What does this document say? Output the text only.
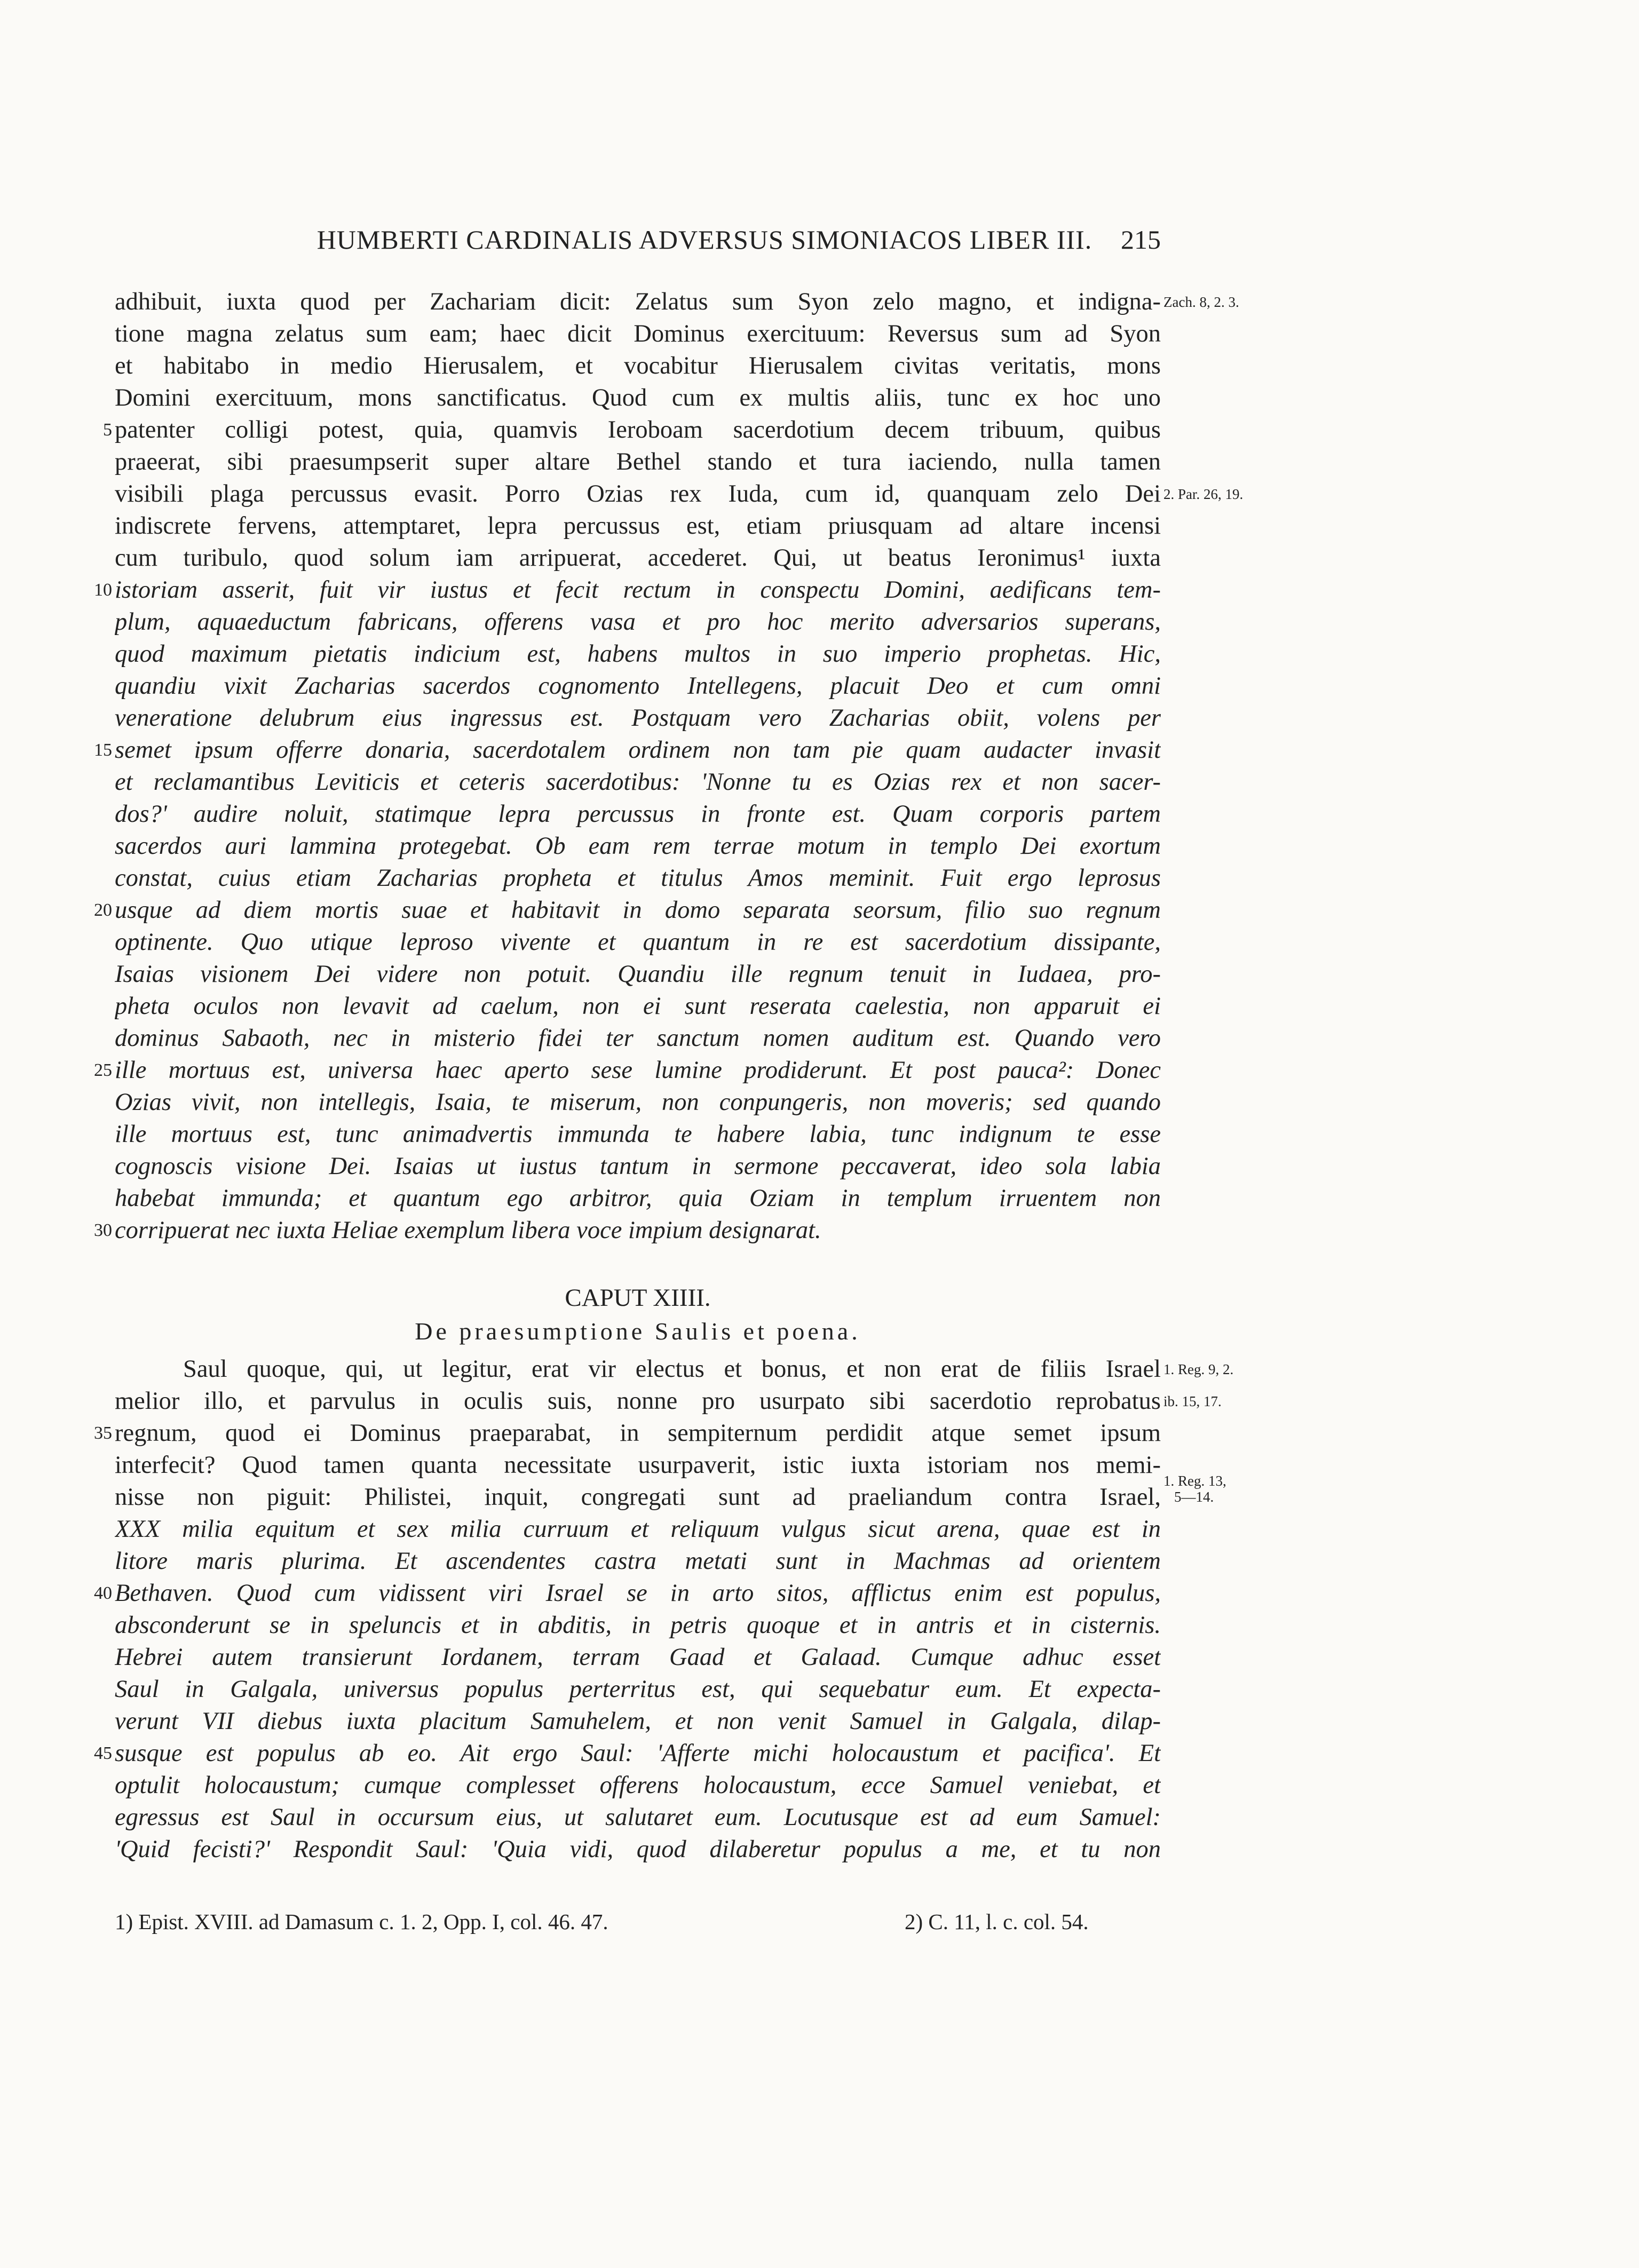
HUMBERTI CARDINALIS ADVERSUS SIMONIACOS LIBER III.	215
adhibuit, iuxta quod per Zachariam dicit: Zelatus sum Syon zelo magno, et indigna-
tione magna zelatus sum eam; haec dicit Dominus exercituum: Reversus sum ad Syon
et habitabo in medio Hierusalem, et vocabitur Hierusalem civitas veritatis, mons
Domini exercituum, mons sanctificatus. Quod cum ex multis aliis, tunc ex hoc uno
patenter colligi potest, quia, quamvis Ieroboam sacerdotium decem tribuum, quibus
praeerat, sibi praesumpserit super altare Bethel stando et tura iaciendo, nulla tamen
visibili plaga percussus evasit. Porro Ozias rex Iuda, cum id, quanquam zelo Dei
indiscrete fervens, attemptaret, lepra percussus est, etiam priusquam ad altare incensi
cum turibulo, quod solum iam arripuerat, accederet. Qui, ut beatus Ieronimus¹ iuxta
istoriam asserit, fuit vir iustus et fecit rectum in conspectu Domini, aedificans tem-
plum, aquaeductum fabricans, offerens vasa et pro hoc merito adversarios superans,
quod maximum pietatis indicium est, habens multos in suo imperio prophetas. Hic,
quandiu vixit Zacharias sacerdos cognomento Intellegens, placuit Deo et cum omni
veneratione delubrum eius ingressus est. Postquam vero Zacharias obiit, volens per
semet ipsum offerre donaria, sacerdotalem ordinem non tam pie quam audacter invasit
et reclamantibus Leviticis et ceteris sacerdotibus: 'Nonne tu es Ozias rex et non sacer-
dos?' audire noluit, statimque lepra percussus in fronte est. Quam corporis partem
sacerdos auri lammina protegebat. Ob eam rem terrae motum in templo Dei exortum
constat, cuius etiam Zacharias propheta et titulus Amos meminit. Fuit ergo leprosus
usque ad diem mortis suae et habitavit in domo separata seorsum, filio suo regnum
optinente. Quo utique leproso vivente et quantum in re est sacerdotium dissipante,
Isaias visionem Dei videre non potuit. Quandiu ille regnum tenuit in Iudaea, pro-
pheta oculos non levavit ad caelum, non ei sunt reserata caelestia, non apparuit ei
dominus Sabaoth, nec in misterio fidei ter sanctum nomen auditum est. Quando vero
ille mortuus est, universa haec aperto sese lumine prodiderunt. Et post pauca²: Donec
Ozias vivit, non intellegis, Isaia, te miserum, non conpungeris, non moveris; sed quando
ille mortuus est, tunc animadvertis immunda te habere labia, tunc indignum te esse
cognoscis visione Dei. Isaias ut iustus tantum in sermone peccaverat, ideo sola labia
habebat immunda; et quantum ego arbitror, quia Oziam in templum irruentem non
corripuerat nec iuxta Heliae exemplum libera voce impium designarat.
CAPUT XIIII.
De praesumptione Saulis et poena.
Saul quoque, qui, ut legitur, erat vir electus et bonus, et non erat de filiis Israel
melior illo, et parvulus in oculis suis, nonne pro usurpato sibi sacerdotio reprobatus
regnum, quod ei Dominus praeparabat, in sempiternum perdidit atque semet ipsum
interfecit? Quod tamen quanta necessitate usurpaverit, istic iuxta istoriam nos memi-
nisse non piguit: Philistei, inquit, congregati sunt ad praeliandum contra Israel,
XXX milia equitum et sex milia curruum et reliquum vulgus sicut arena, quae est in
litore maris plurima. Et ascendentes castra metati sunt in Machmas ad orientem
Bethaven. Quod cum vidissent viri Israel se in arto sitos, afflictus enim est populus,
absconderunt se in speluncis et in abditis, in petris quoque et in antris et in cisternis.
Hebrei autem transierunt Iordanem, terram Gaad et Galaad. Cumque adhuc esset
Saul in Galgala, universus populus perterritus est, qui sequebatur eum. Et expecta-
verunt VII diebus iuxta placitum Samuhelem, et non venit Samuel in Galgala, dilap-
susque est populus ab eo. Ait ergo Saul: 'Afferte michi holocaustum et pacifica'. Et
optulit holocaustum; cumque complesset offerens holocaustum, ecce Samuel veniebat, et
egressus est Saul in occursum eius, ut salutaret eum. Locutusque est ad eum Samuel:
'Quid fecisti?' Respondit Saul: 'Quia vidi, quod dilaberetur populus a me, et tu non
5
10
15
20
25
30
35
40
45
Zach. 8, 2. 3.
2. Par. 26, 19.
1. Reg. 9, 2.
ib. 15, 17.
1. Reg. 13,
5—14.
1) Epist. XVIII. ad Damasum c. 1. 2, Opp. I, col. 46. 47.	2) C. 11, l. c. col. 54.
